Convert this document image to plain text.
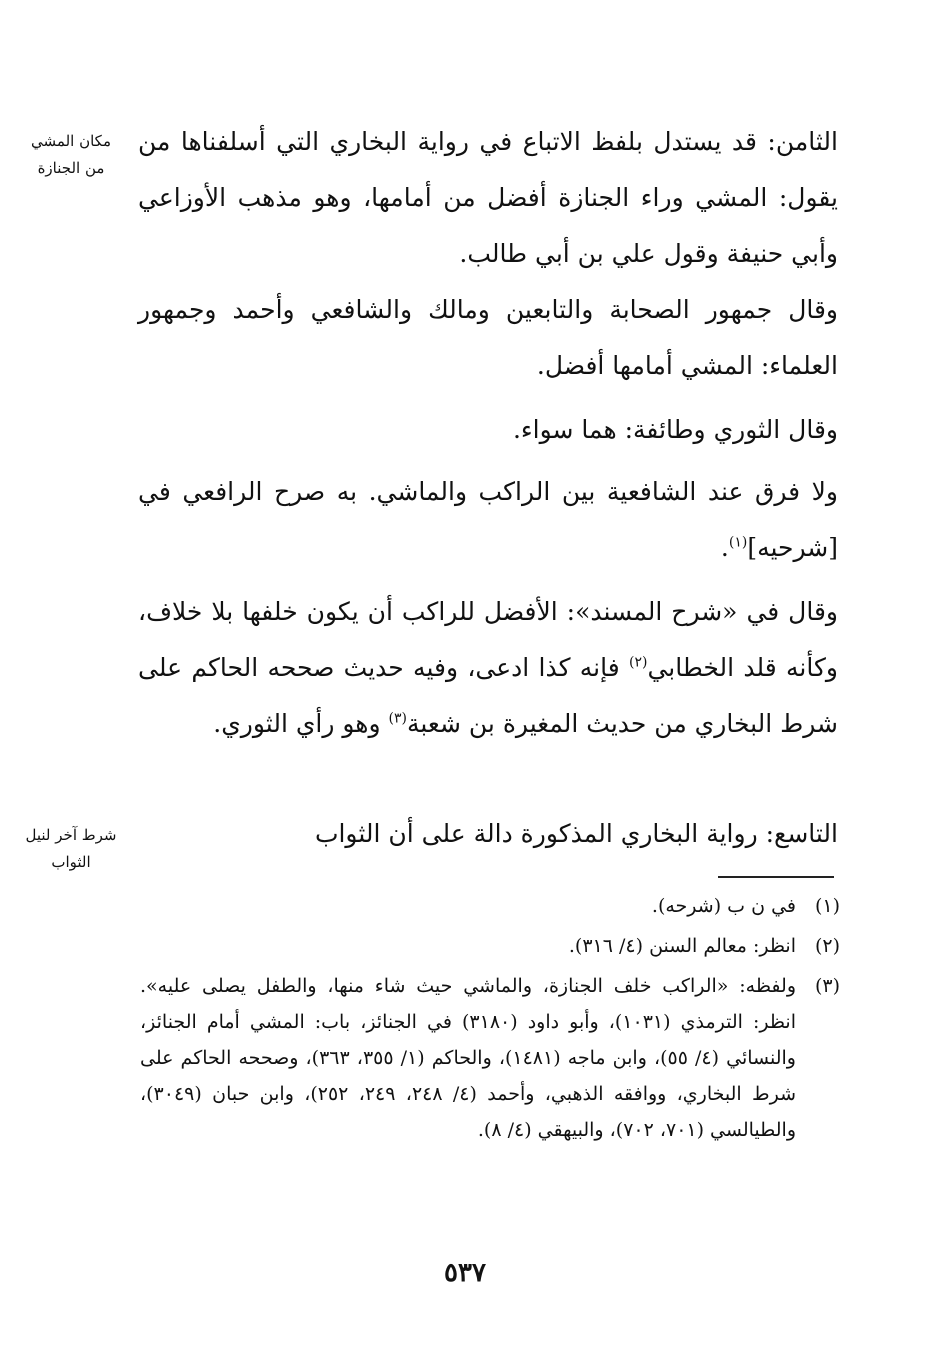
مكان المشي
من الجنازة
شرط آخر لنيل
الثواب

الثامن: قد يستدل بلفظ الاتباع في رواية البخاري التي أسلفناها من يقول: المشي وراء الجنازة أفضل من أمامها، وهو مذهب الأوزاعي وأبي حنيفة وقول علي بن أبي طالب.

وقال جمهور الصحابة والتابعين ومالك والشافعي وأحمد وجمهور العلماء: المشي أمامها أفضل.

وقال الثوري وطائفة: هما سواء.

ولا فرق عند الشافعية بين الراكب والماشي. به صرح الرافعي في [شرحيه]$^{(١)}$.

وقال في «شرح المسند»: الأفضل للراكب أن يكون خلفها بلا خلاف، وكأنه قلد الخطابي$^{(٢)}$ فإنه كذا ادعى، وفيه حديث صححه الحاكم على شرط البخاري من حديث المغيرة بن شعبة$^{(٣)}$ وهو رأي الثوري.

التاسع: رواية البخاري المذكورة دالة على أن الثواب

(١)
في ن ب (شرحه).
(٢)
انظر: معالم السنن (٤/ ٣١٦).
(٣)
ولفظه: «الراكب خلف الجنازة، والماشي حيث شاء منها، والطفل يصلى عليه». انظر: الترمذي (١٠٣١)، وأبو داود (٣١٨٠) في الجنائز، باب: المشي أمام الجنائز، والنسائي (٤/ ٥٥)، وابن ماجه (١٤٨١)، والحاكم (١/ ٣٥٥، ٣٦٣)، وصححه الحاكم على شرط البخاري، ووافقه الذهبي، وأحمد (٤/ ٢٤٨، ٢٤٩، ٢٥٢)، وابن حبان (٣٠٤٩)، والطيالسي (٧٠١، ٧٠٢)، والبيهقي (٤/ ٨).
٥٣٧
